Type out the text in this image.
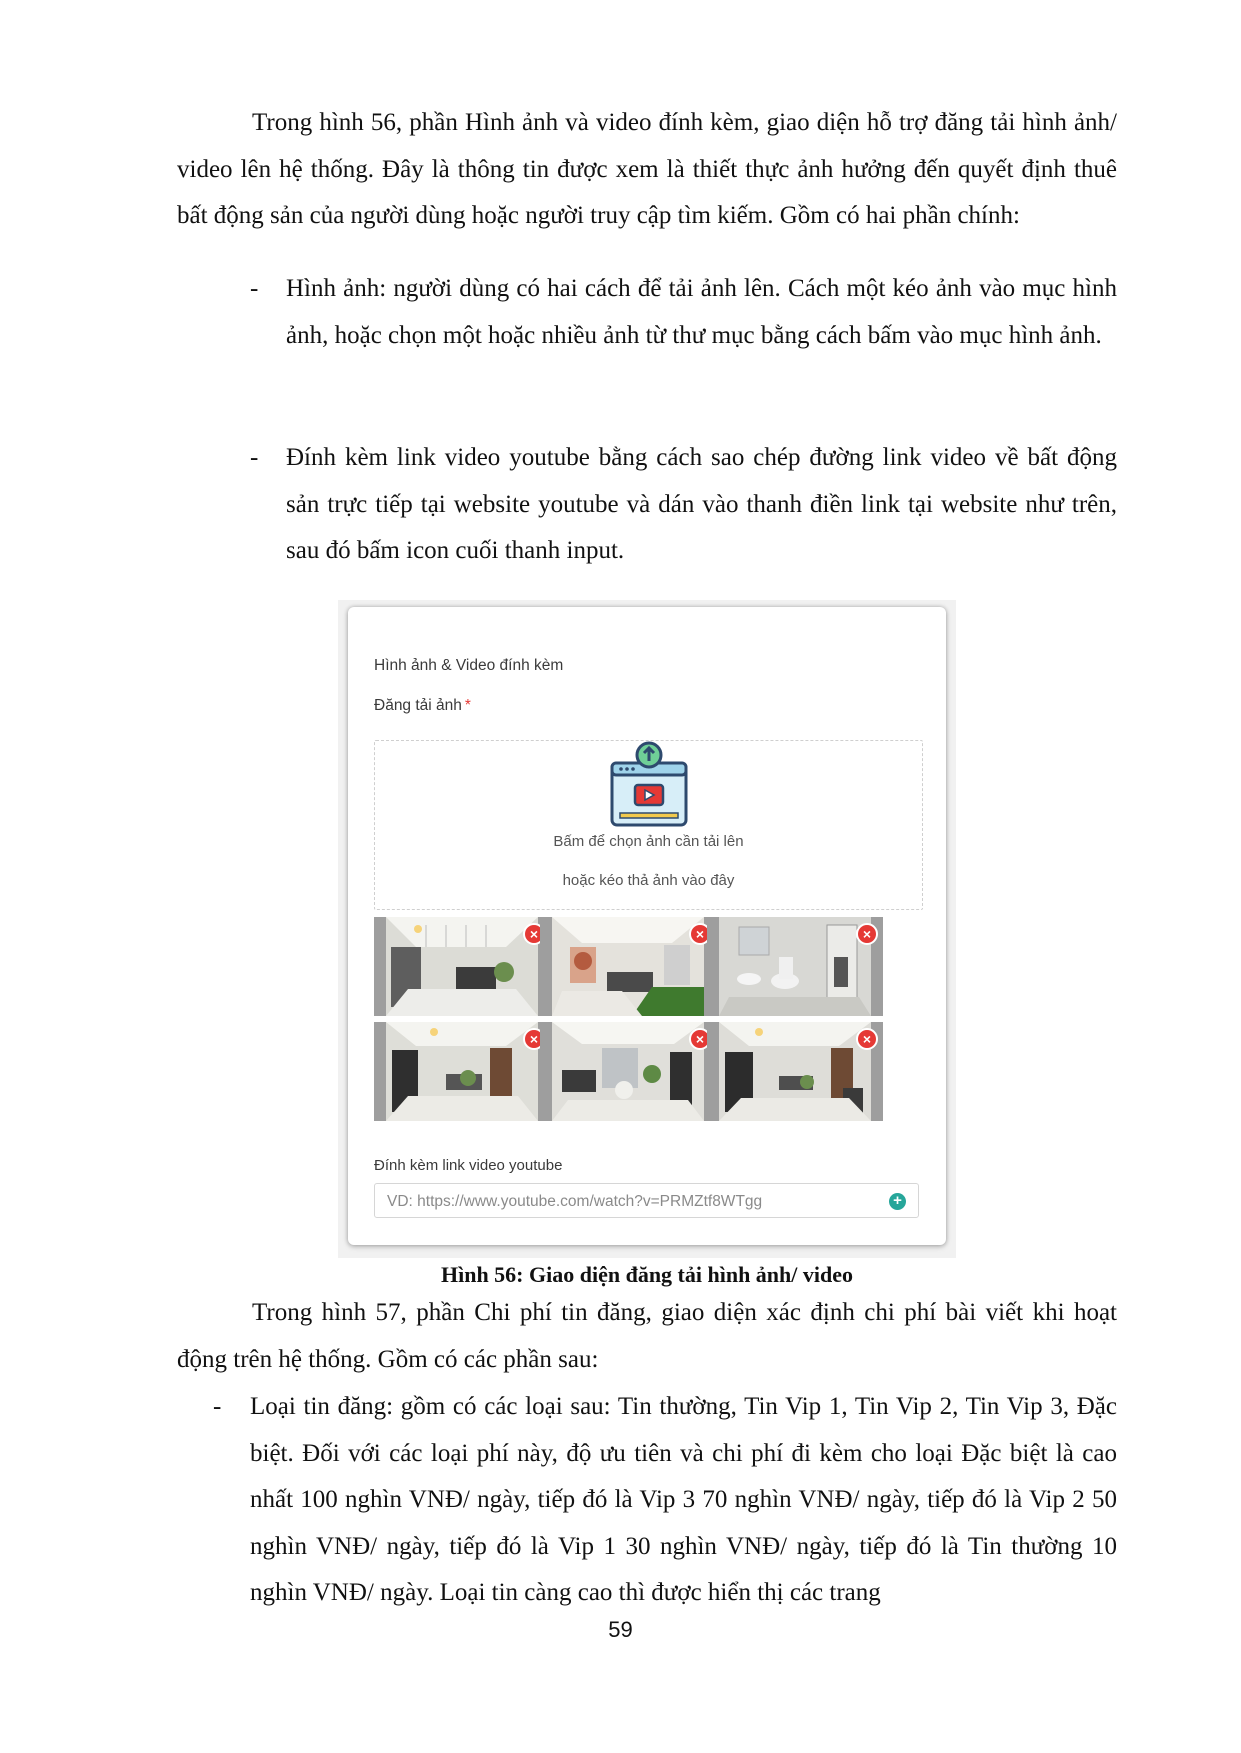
Trong hình 56, phần Hình ảnh và video đính kèm, giao diện hỗ trợ đăng tải hình ảnh/ video lên hệ thống. Đây là thông tin được xem là thiết thực ảnh hưởng đến quyết định thuê bất động sản của người dùng hoặc người truy cập tìm kiếm. Gồm có hai phần chính:

- Hình ảnh: người dùng có hai cách để tải ảnh lên. Cách một kéo ảnh vào mục hình ảnh, hoặc chọn một hoặc nhiều ảnh từ thư mục bằng cách bấm vào mục hình ảnh.

- Đính kèm link video youtube bằng cách sao chép đường link video về bất động sản trực tiếp tại website youtube và dán vào thanh điền link tại website như trên, sau đó bấm icon cuối thanh input.

Hình ảnh & Video đính kèm
Đăng tải ảnh *
Bấm để chọn ảnh cần tải lên
hoặc kéo thả ảnh vào đây
×	×	×
×	×	×
Đính kèm link video youtube
VD: https://www.youtube.com/watch?v=PRMZtf8WTgg
+

Hình 56: Giao diện đăng tải hình ảnh/ video

Trong hình 57, phần Chi phí tin đăng, giao diện xác định chi phí bài viết khi hoạt động trên hệ thống. Gồm có các phần sau:

- Loại tin đăng: gồm có các loại sau: Tin thường, Tin Vip 1, Tin Vip 2, Tin Vip 3, Đặc biệt. Đối với các loại phí này, độ ưu tiên và chi phí đi kèm cho loại Đặc biệt là cao nhất 100 nghìn VNĐ/ ngày, tiếp đó là Vip 3 70 nghìn VNĐ/ ngày, tiếp đó là Vip 2 50 nghìn VNĐ/ ngày, tiếp đó là Vip 1 30 nghìn VNĐ/ ngày, tiếp đó là Tin thường 10 nghìn VNĐ/ ngày. Loại tin càng cao thì được hiển thị các trang

59
